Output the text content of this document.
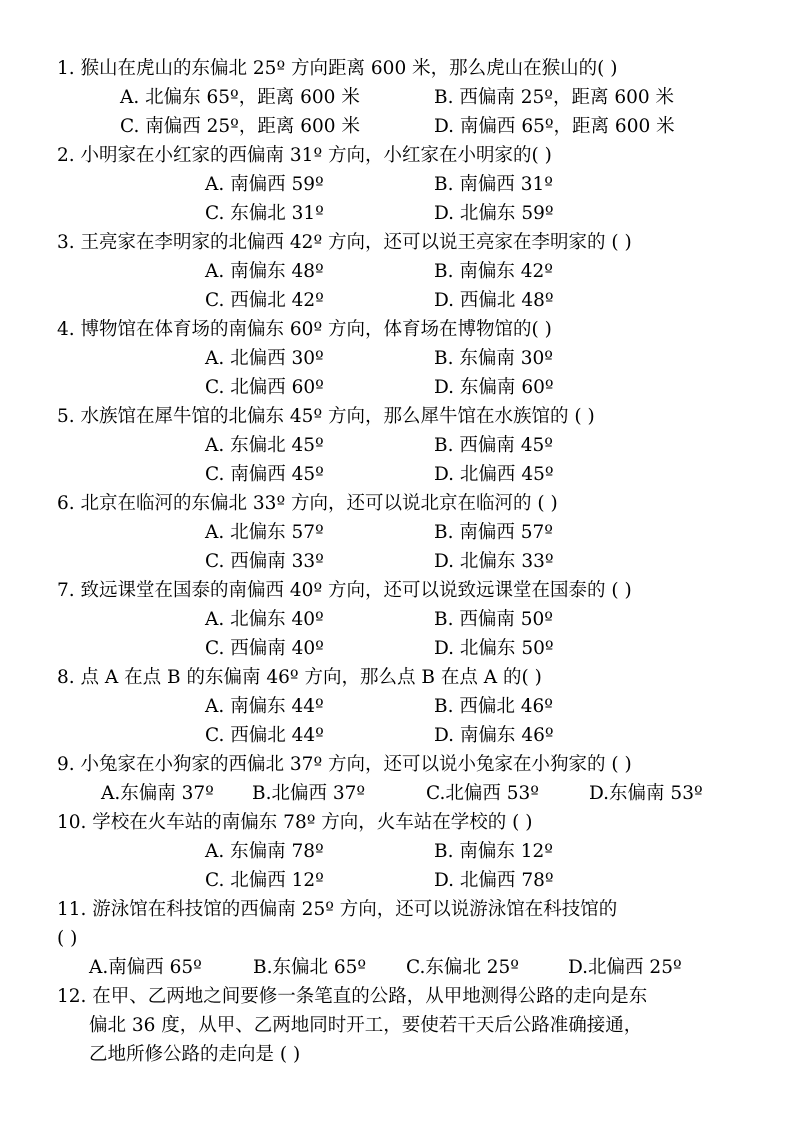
1. 猴山在虎山的东偏北 25º 方向距离 600 米，那么虎山在猴山的( )
A. 北偏东 65º，距离 600 米	B. 西偏南 25º，距离 600 米
C. 南偏西 25º，距离 600 米	D. 南偏西 65º，距离 600 米
2. 小明家在小红家的西偏南 31º 方向，小红家在小明家的( )
A. 南偏西 59º	B. 南偏西 31º
C. 东偏北 31º	D. 北偏东 59º
3. 王亮家在李明家的北偏西 42º 方向，还可以说王亮家在李明家的 ( )
A. 南偏东 48º	B. 南偏东 42º
C. 西偏北 42º	D. 西偏北 48º
4. 博物馆在体育场的南偏东 60º 方向，体育场在博物馆的( )
A. 北偏西 30º	B. 东偏南 30º
C. 北偏西 60º	D. 东偏南 60º
5. 水族馆在犀牛馆的北偏东 45º 方向，那么犀牛馆在水族馆的 ( )
A. 东偏北 45º	B. 西偏南 45º
C. 南偏西 45º	D. 北偏西 45º
6. 北京在临河的东偏北 33º 方向，还可以说北京在临河的 ( )
A. 北偏东 57º	B. 南偏西 57º
C. 西偏南 33º	D. 北偏东 33º
7. 致远课堂在国泰的南偏西 40º 方向，还可以说致远课堂在国泰的 ( )
A. 北偏东 40º	B. 西偏南 50º
C. 西偏南 40º	D. 北偏东 50º
8. 点 A 在点 B 的东偏南 46º 方向，那么点 B 在点 A 的( )
A. 南偏东 44º	B. 西偏北 46º
C. 西偏北 44º	D. 南偏东 46º
9. 小兔家在小狗家的西偏北 37º 方向，还可以说小兔家在小狗家的 ( )
A.东偏南 37º B.北偏西 37º	C.北偏西 53º	D.东偏南 53º
10. 学校在火车站的南偏东 78º 方向，火车站在学校的 ( )
A. 东偏南 78º	B. 南偏东 12º
C. 北偏西 12º	D. 北偏西 78º
11. 游泳馆在科技馆的西偏南 25º 方向，还可以说游泳馆在科技馆的
( )
A.南偏西 65º	B.东偏北 65º C.东偏北 25º	D.北偏西 25º
12. 在甲、乙两地之间要修一条笔直的公路，从甲地测得公路的走向是东
偏北 36 度，从甲、乙两地同时开工，要使若干天后公路准确接通，
乙地所修公路的走向是 ( )
